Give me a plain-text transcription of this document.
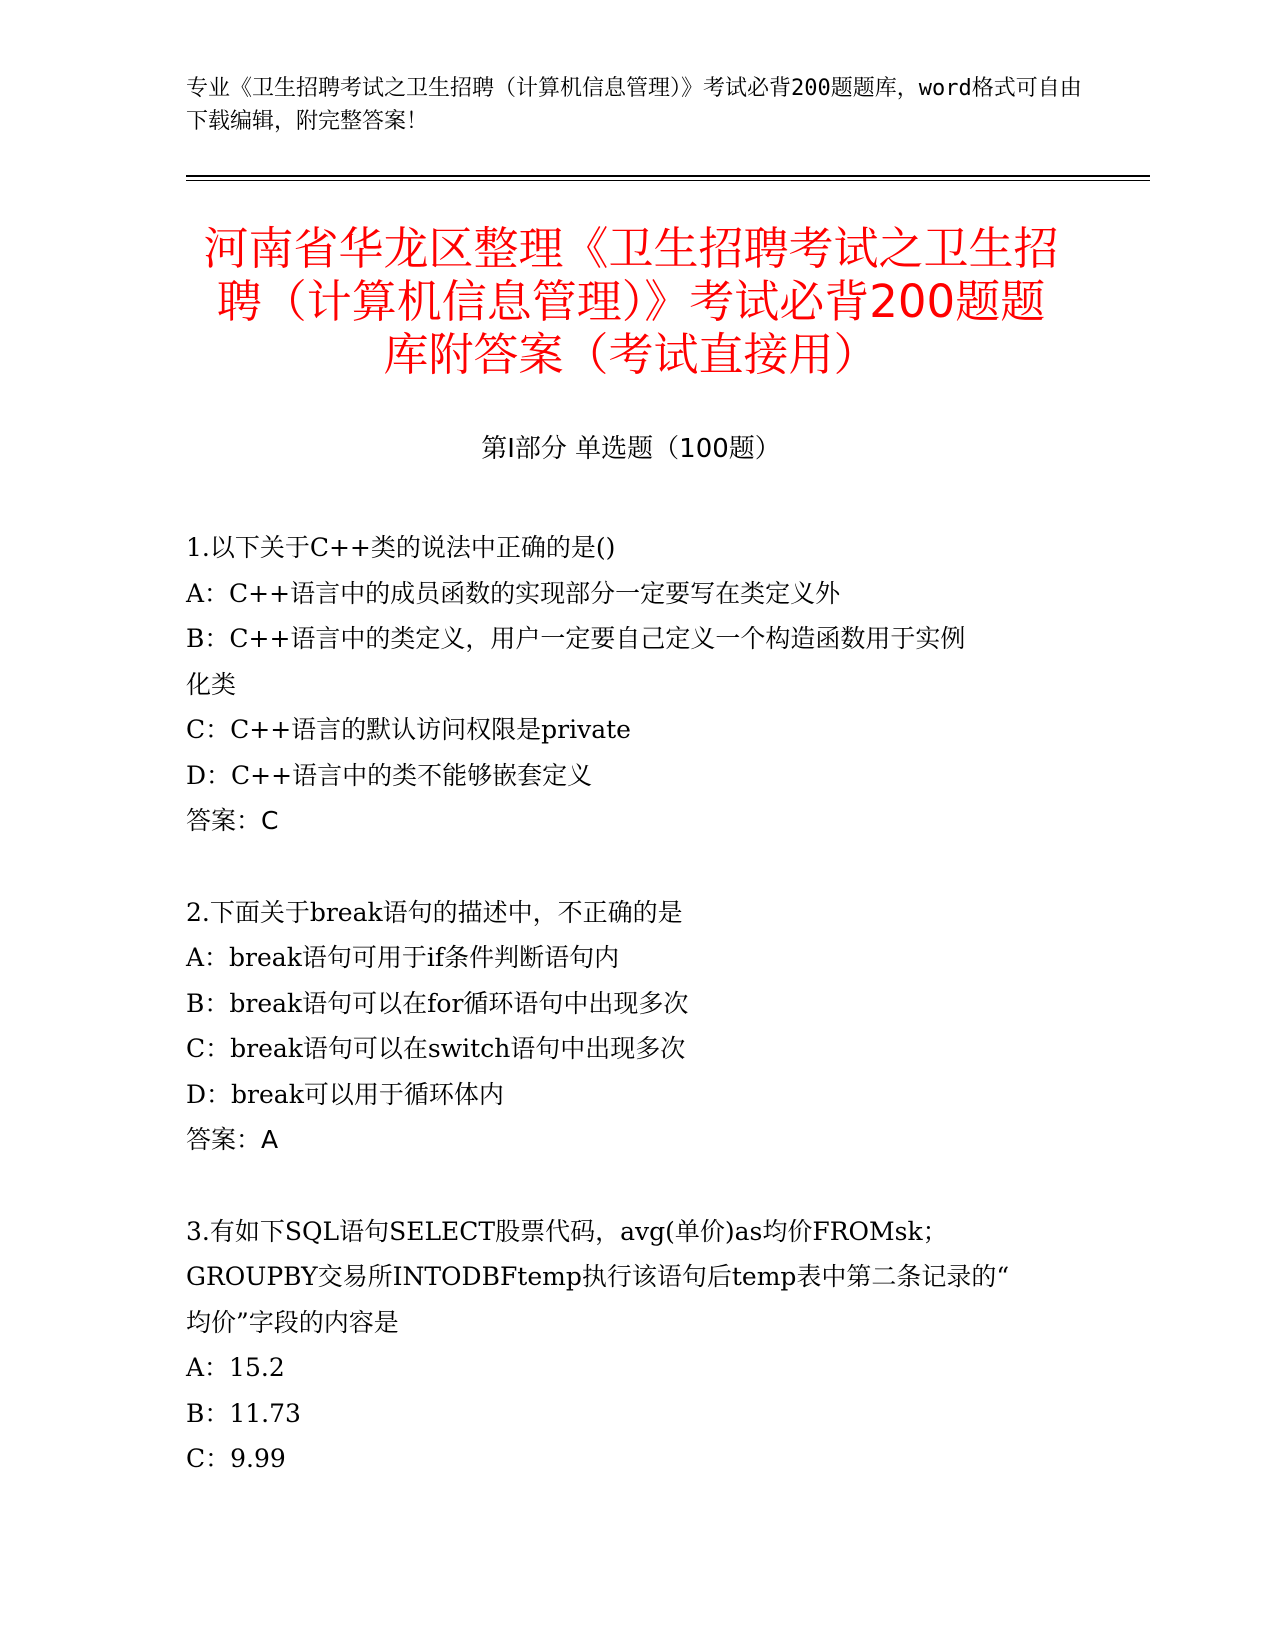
专业《卫生招聘考试之卫生招聘（计算机信息管理）》考试必背200题题库，word格式可自由下载编辑，附完整答案！
河南省华龙区整理《卫生招聘考试之卫生招
聘（计算机信息管理）》考试必背200题题
库附答案（考试直接用）
第Ⅰ部分 单选题（100题）
1.以下关于C++类的说法中正确的是()
A：C++语言中的成员函数的实现部分一定要写在类定义外
B：C++语言中的类定义，用户一定要自己定义一个构造函数用于实例
化类
C：C++语言的默认访问权限是private
D：C++语言中的类不能够嵌套定义
答案：C
2.下面关于break语句的描述中，不正确的是
A：break语句可用于if条件判断语句内
B：break语句可以在for循环语句中出现多次
C：break语句可以在switch语句中出现多次
D：break可以用于循环体内
答案：A
3.有如下SQL语句SELECT股票代码，avg(单价)as均价FROMsk；
GROUPBY交易所INTODBFtemp执行该语句后temp表中第二条记录的“
均价”字段的内容是
A：15.2
B：11.73
C：9.99
